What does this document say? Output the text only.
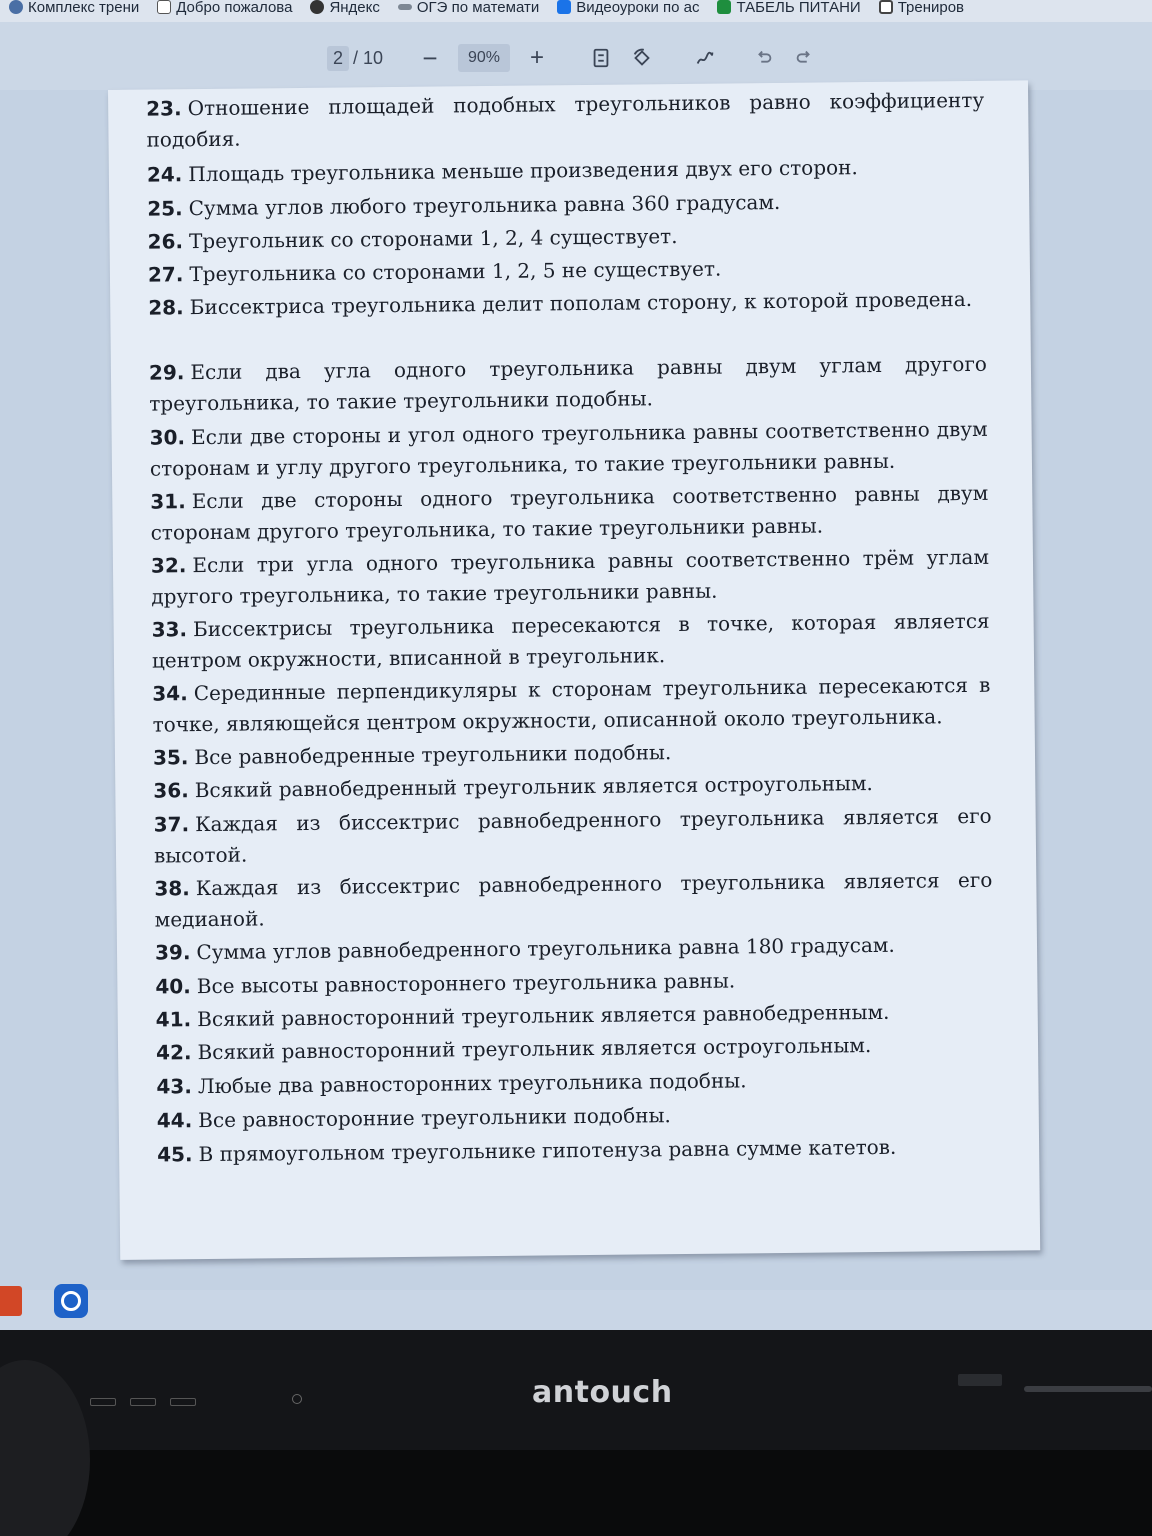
Комплекс трени Добро пожалова Яндекс ОГЭ по математи Видеоуроки по ас ТАБЕЛЬ ПИТАНИ Трениров
2 / 10 −	90%	+
23. Отношение площадей подобных треугольников равно коэффициенту подобия.
24. Площадь треугольника меньше произведения двух его сторон.
25. Сумма углов любого треугольника равна 360 градусам.
26. Треугольник со сторонами 1, 2, 4 существует.
27. Треугольника со сторонами 1, 2, 5 не существует.
28. Биссектриса треугольника делит пополам сторону, к которой проведена.
29. Если два угла одного треугольника равны двум углам другого треугольника, то такие треугольники подобны.
30. Если две стороны и угол одного треугольника равны соответственно двум сторонам и углу другого треугольника, то такие треугольники равны.
31. Если две стороны одного треугольника соответственно равны двум сторонам другого треугольника, то такие треугольники равны.
32. Если три угла одного треугольника равны соответственно трём углам другого треугольника, то такие треугольники равны.
33. Биссектрисы треугольника пересекаются в точке, которая является центром окружности, вписанной в треугольник.
34. Серединные перпендикуляры к сторонам треугольника пересекаются в точке, являющейся центром окружности, описанной около треугольника.
35. Все равнобедренные треугольники подобны.
36. Всякий равнобедренный треугольник является остроугольным.
37. Каждая из биссектрис равнобедренного треугольника является его высотой.
38. Каждая из биссектрис равнобедренного треугольника является его медианой.
39. Сумма углов равнобедренного треугольника равна 180 градусам.
40. Все высоты равностороннего треугольника равны.
41. Всякий равносторонний треугольник является равнобедренным.
42. Всякий равносторонний треугольник является остроугольным.
43. Любые два равносторонних треугольника подобны.
44. Все равносторонние треугольники подобны.
45. В прямоугольном треугольнике гипотенуза равна сумме катетов.
antouch
